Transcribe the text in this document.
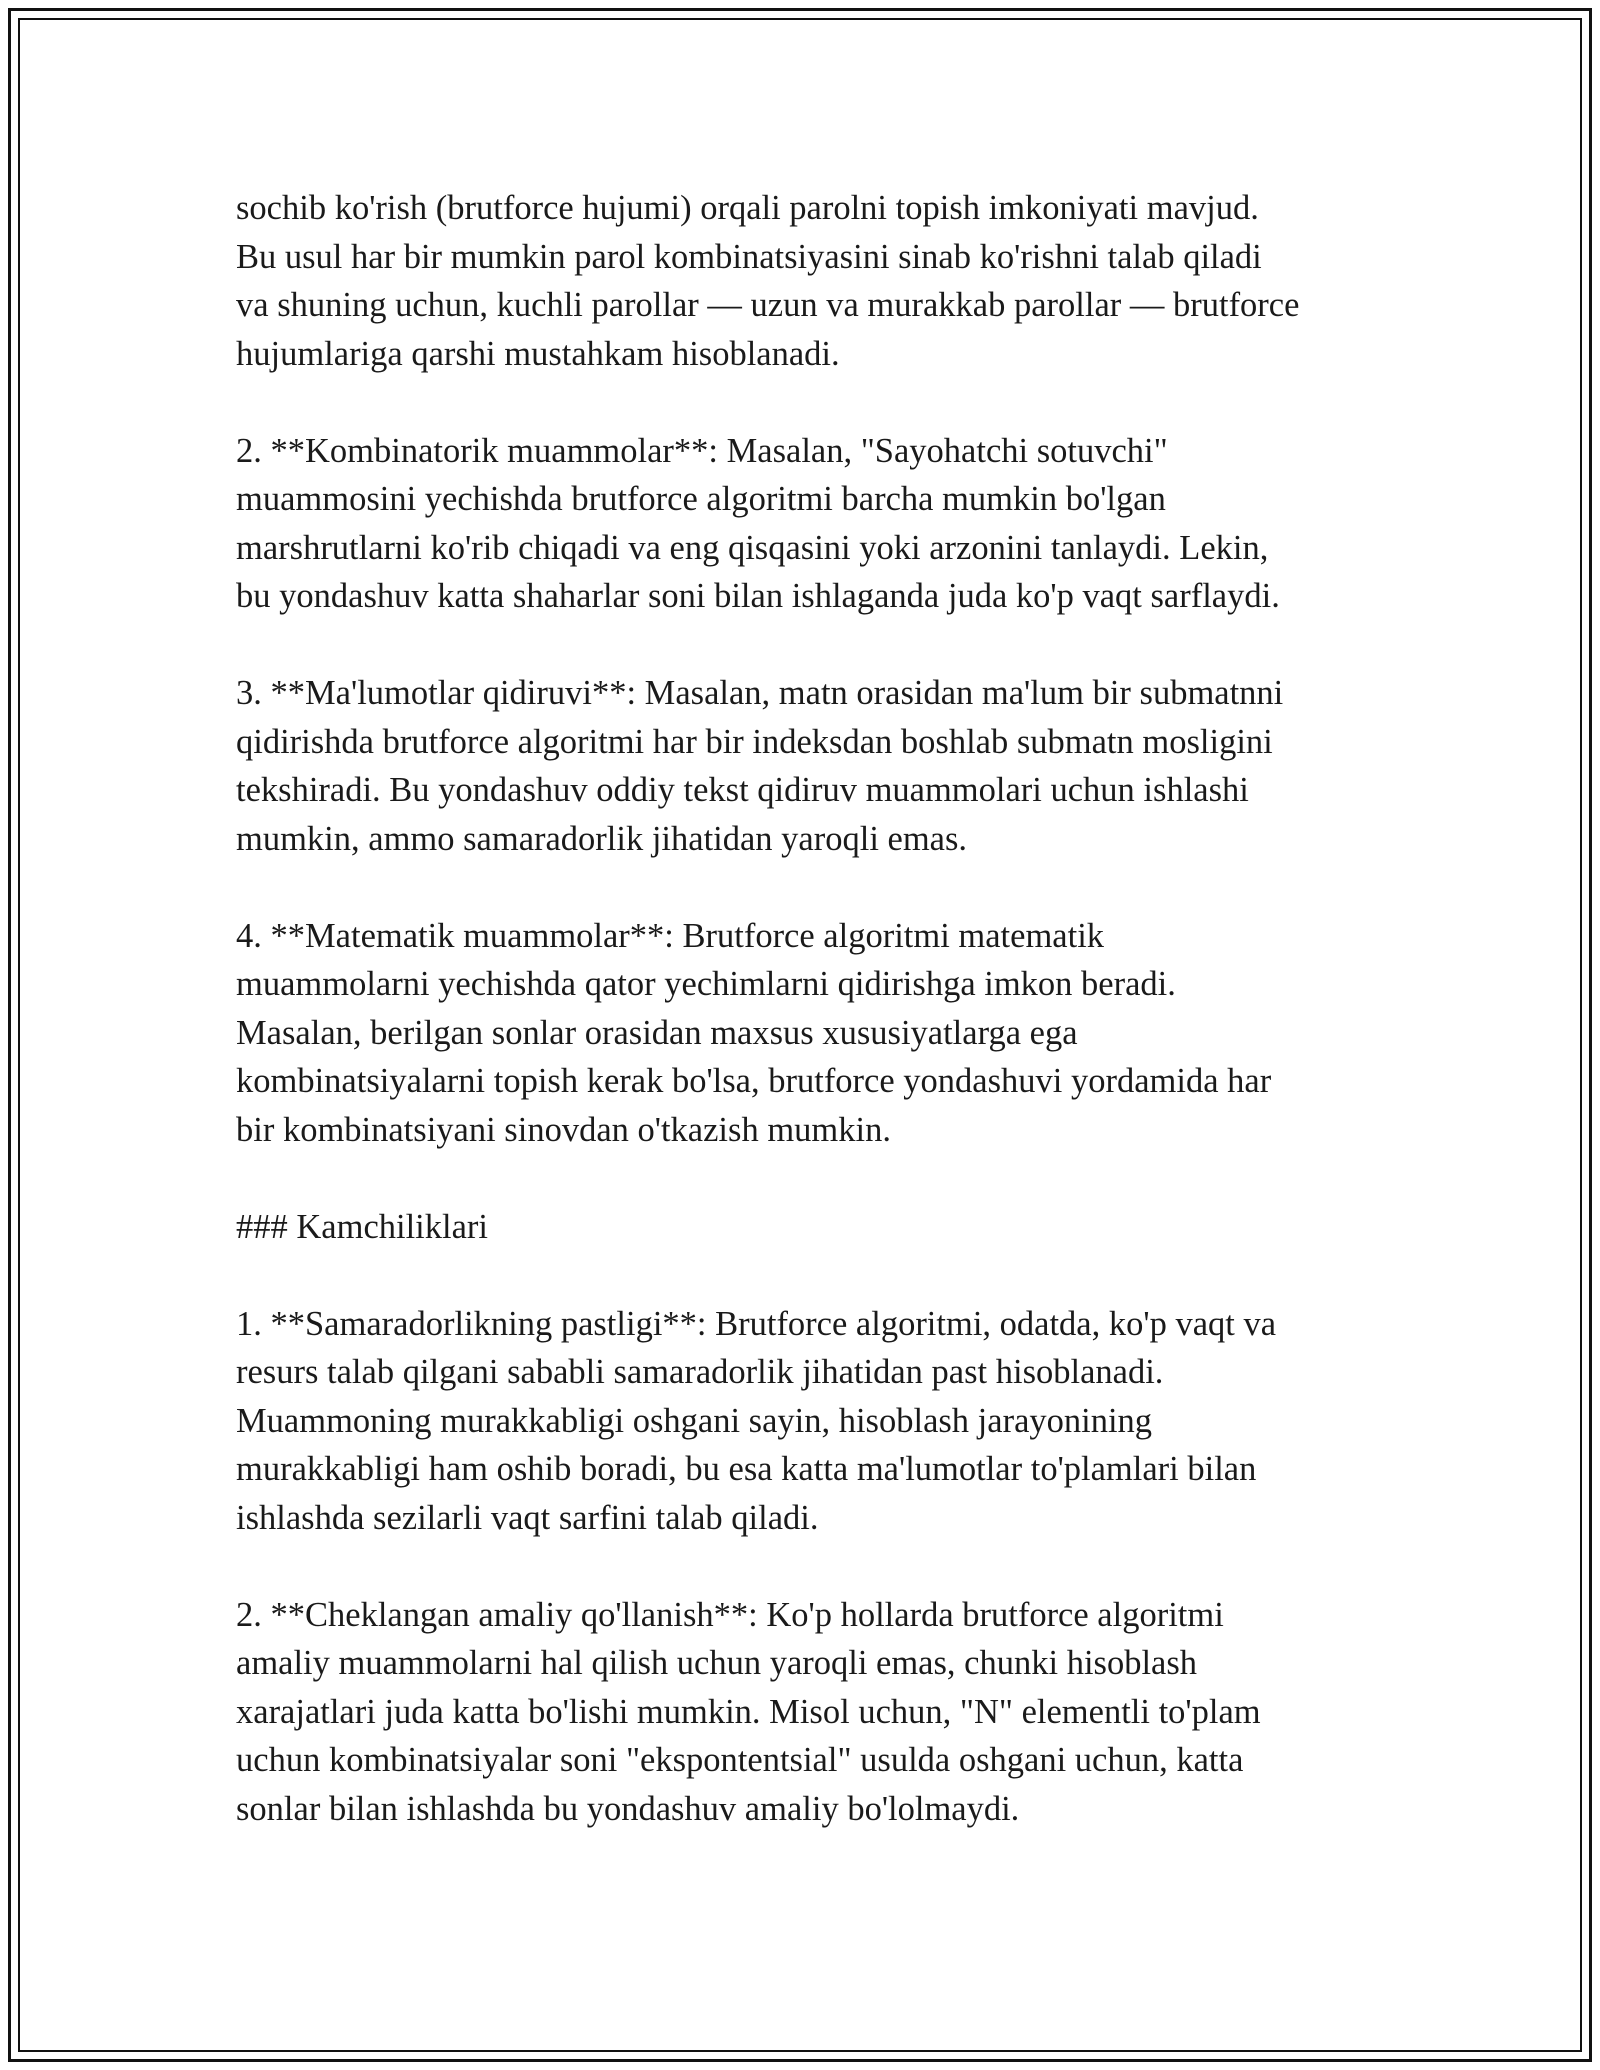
sochib ko'rish (brutforce hujumi) orqali parolni topish imkoniyati mavjud.
Bu usul har bir mumkin parol kombinatsiyasini sinab ko'rishni talab qiladi
va shuning uchun, kuchli parollar — uzun va murakkab parollar — brutforce
hujumlariga qarshi mustahkam hisoblanadi.

2. **Kombinatorik muammolar**: Masalan, "Sayohatchi sotuvchi"
muammosini yechishda brutforce algoritmi barcha mumkin bo'lgan
marshrutlarni ko'rib chiqadi va eng qisqasini yoki arzonini tanlaydi. Lekin,
bu yondashuv katta shaharlar soni bilan ishlaganda juda ko'p vaqt sarflaydi.

3. **Ma'lumotlar qidiruvi**: Masalan, matn orasidan ma'lum bir submatnni
qidirishda brutforce algoritmi har bir indeksdan boshlab submatn mosligini
tekshiradi. Bu yondashuv oddiy tekst qidiruv muammolari uchun ishlashi
mumkin, ammo samaradorlik jihatidan yaroqli emas.

4. **Matematik muammolar**: Brutforce algoritmi matematik
muammolarni yechishda qator yechimlarni qidirishga imkon beradi.
Masalan, berilgan sonlar orasidan maxsus xususiyatlarga ega
kombinatsiyalarni topish kerak bo'lsa, brutforce yondashuvi yordamida har
bir kombinatsiyani sinovdan o'tkazish mumkin.

### Kamchiliklari

1. **Samaradorlikning pastligi**: Brutforce algoritmi, odatda, ko'p vaqt va
resurs talab qilgani sababli samaradorlik jihatidan past hisoblanadi.
Muammoning murakkabligi oshgani sayin, hisoblash jarayonining
murakkabligi ham oshib boradi, bu esa katta ma'lumotlar to'plamlari bilan
ishlashda sezilarli vaqt sarfini talab qiladi.

2. **Cheklangan amaliy qo'llanish**: Ko'p hollarda brutforce algoritmi
amaliy muammolarni hal qilish uchun yaroqli emas, chunki hisoblash
xarajatlari juda katta bo'lishi mumkin. Misol uchun, "N" elementli to'plam
uchun kombinatsiyalar soni "ekspontentsial" usulda oshgani uchun, katta
sonlar bilan ishlashda bu yondashuv amaliy bo'lolmaydi.
